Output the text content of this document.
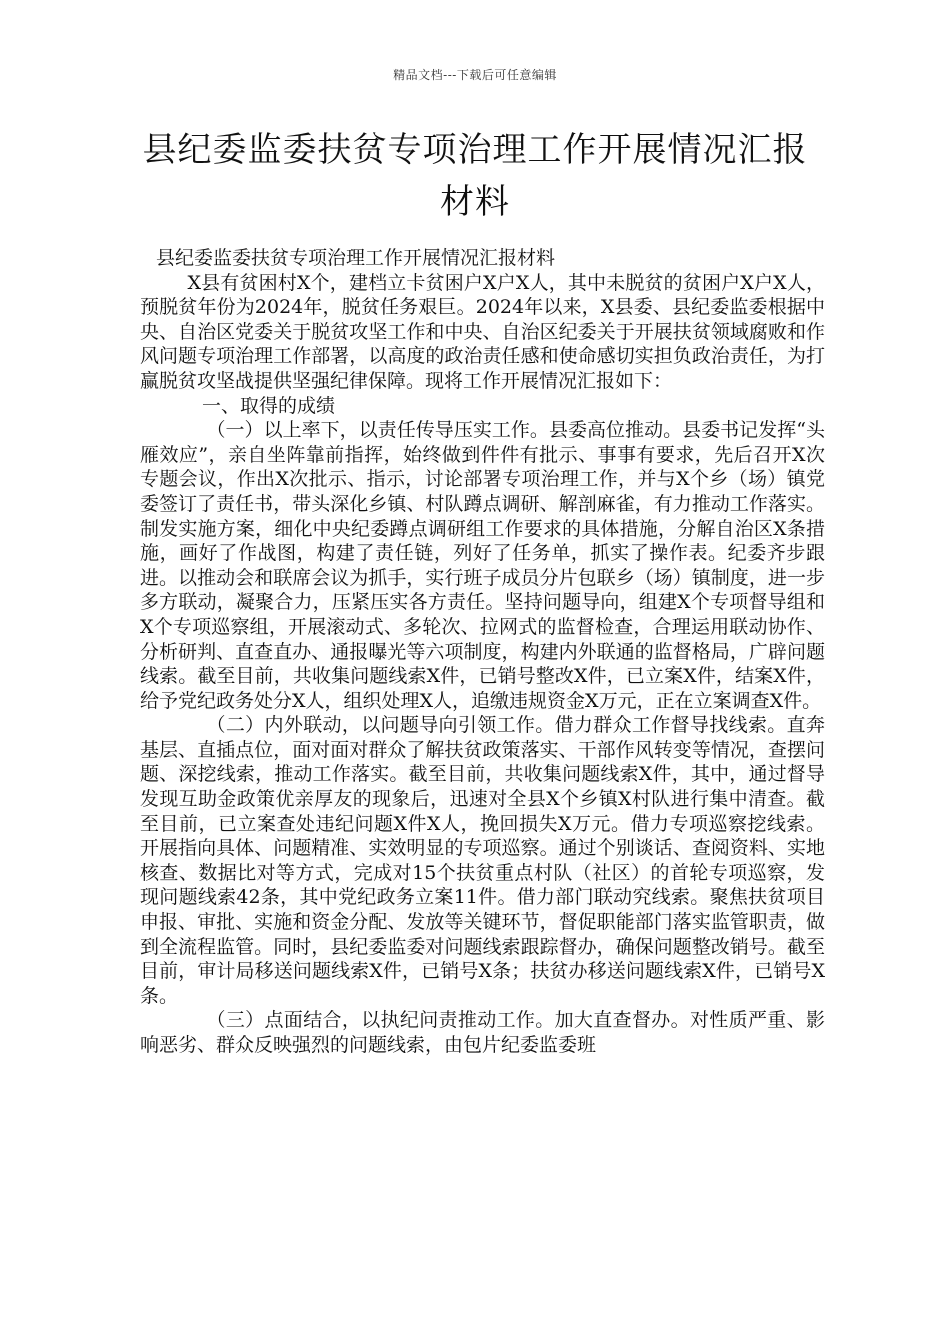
精品文档---下载后可任意编辑
县纪委监委扶贫专项治理工作开展情况汇报材料

县纪委监委扶贫专项治理工作开展情况汇报材料

X县有贫困村X个，建档立卡贫困户X户X人，其中未脱贫的贫困户X户X人，预脱贫年份为2024年，脱贫任务艰巨。2024年以来，X县委、县纪委监委根据中央、自治区党委关于脱贫攻坚工作和中央、自治区纪委关于开展扶贫领域腐败和作风问题专项治理工作部署，以高度的政治责任感和使命感切实担负政治责任，为打赢脱贫攻坚战提供坚强纪律保障。现将工作开展情况汇报如下：

一、取得的成绩

（一）以上率下，以责任传导压实工作。县委高位推动。县委书记发挥“头雁效应”，亲自坐阵靠前指挥，始终做到件件有批示、事事有要求，先后召开X次专题会议，作出X次批示、指示，讨论部署专项治理工作，并与X个乡（场）镇党委签订了责任书，带头深化乡镇、村队蹲点调研、解剖麻雀，有力推动工作落实。制发实施方案，细化中央纪委蹲点调研组工作要求的具体措施，分解自治区X条措施，画好了作战图，构建了责任链，列好了任务单，抓实了操作表。纪委齐步跟进。以推动会和联席会议为抓手，实行班子成员分片包联乡（场）镇制度，进一步多方联动，凝聚合力，压紧压实各方责任。坚持问题导向，组建X个专项督导组和X个专项巡察组，开展滚动式、多轮次、拉网式的监督检查，合理运用联动协作、分析研判、直查直办、通报曝光等六项制度，构建内外联通的监督格局，广辟问题线索。截至目前，共收集问题线索X件，已销号整改X件，已立案X件，结案X件，给予党纪政务处分X人，组织处理X人，追缴违规资金X万元，正在立案调查X件。

（二）内外联动，以问题导向引领工作。借力群众工作督导找线索。直奔基层、直插点位，面对面对群众了解扶贫政策落实、干部作风转变等情况，查摆问题、深挖线索，推动工作落实。截至目前，共收集问题线索X件，其中，通过督导发现互助金政策优亲厚友的现象后，迅速对全县X个乡镇X村队进行集中清查。截至目前，已立案查处违纪问题X件X人，挽回损失X万元。借力专项巡察挖线索。开展指向具体、问题精准、实效明显的专项巡察。通过个别谈话、查阅资料、实地核查、数据比对等方式，完成对15个扶贫重点村队（社区）的首轮专项巡察，发现问题线索42条，其中党纪政务立案11件。借力部门联动究线索。聚焦扶贫项目申报、审批、实施和资金分配、发放等关键环节，督促职能部门落实监管职责，做到全流程监管。同时，县纪委监委对问题线索跟踪督办，确保问题整改销号。截至目前，审计局移送问题线索X件，已销号X条；扶贫办移送问题线索X件，已销号X条。

（三）点面结合，以执纪问责推动工作。加大直查督办。对性质严重、影响恶劣、群众反映强烈的问题线索，由包片纪委监委班
